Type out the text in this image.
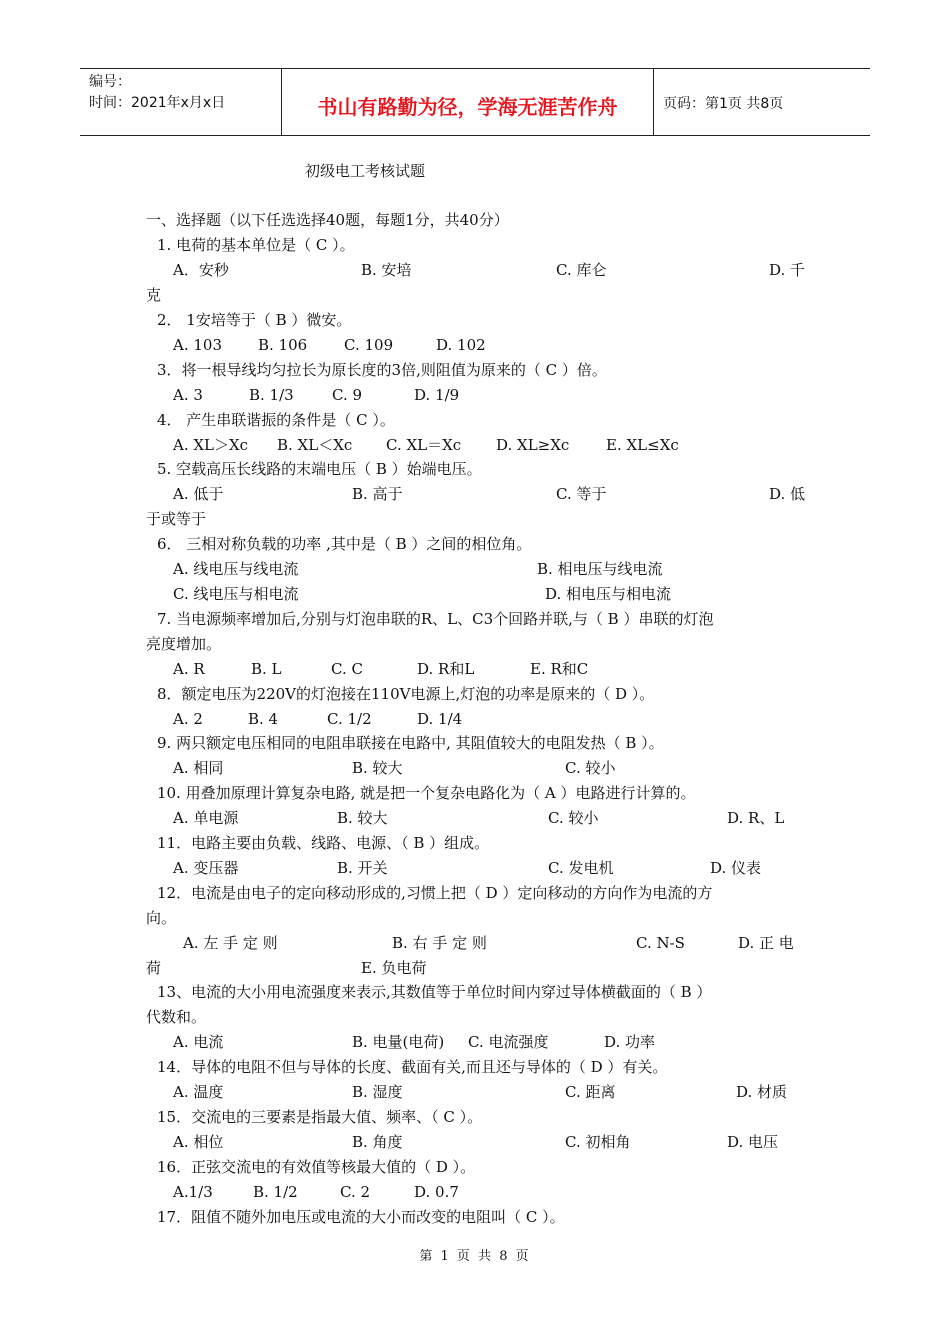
编号：
时间：2021年x月x日	书山有路勤为径，学海无涯苦作舟	页码：第1页 共8页
初级电工考核试题
一、选择题（以下任选选择40题，每题1分，共40分）
1. 电荷的基本单位是（ C ）。
A．安秒	B. 安培	C. 库仑	D. 千
克
2． 1安培等于（ B ）微安。
A. 103 B. 106 C. 109	D. 102
3．将一根导线均匀拉长为原长度的3倍,则阻值为原来的（ C ）倍。
A. 3	B. 1/3	C. 9	D. 1/9
4． 产生串联谐振的条件是（ C ）。
A. XL＞Xc B. XL＜Xc C. XL＝Xc D. XL≥Xc E. XL≤Xc
5. 空载高压长线路的末端电压（ B ）始端电压。
A. 低于	B. 高于	C. 等于	D. 低
于或等于
6． 三相对称负载的功率 ,其中是（ B ）之间的相位角。
A. 线电压与线电流	B. 相电压与线电流
C. 线电压与相电流	D. 相电压与相电流
7. 当电源频率增加后,分别与灯泡串联的R、L、C3个回路并联,与（ B ）串联的灯泡
亮度增加。
A. R	B. L	C. C	D. R和L	E. R和C
8．额定电压为220V的灯泡接在110V电源上,灯泡的功率是原来的（ D ）。
A. 2	B. 4	C. 1/2	D. 1/4
9. 两只额定电压相同的电阻串联接在电路中, 其阻值较大的电阻发热（ B ）。
A. 相同	B. 较大	C. 较小
10. 用叠加原理计算复杂电路, 就是把一个复杂电路化为（ A ）电路进行计算的。
A. 单电源	B. 较大	C. 较小	D. R、L
11．电路主要由负载、线路、电源、（ B ）组成。
A. 变压器	B. 开关	C. 发电机	D. 仪表
12．电流是由电子的定向移动形成的,习惯上把（ D ）定向移动的方向作为电流的方
向。
A. 左 手 定 则	B. 右 手 定 则	C. N-S	D. 正 电
荷	E. 负电荷
13、电流的大小用电流强度来表示,其数值等于单位时间内穿过导体横截面的（ B ）
代数和。
A. 电流	B. 电量(电荷) C. 电流强度	D. 功率
14．导体的电阻不但与导体的长度、截面有关,而且还与导体的（ D ）有关。
A. 温度	B. 湿度	C. 距离	D. 材质
15．交流电的三要素是指最大值、频率、（ C ）。
A. 相位	B. 角度	C. 初相角	D. 电压
16．正弦交流电的有效值等核最大值的（ D ）。
A.1/3	B. 1/2	C. 2	D. 0.7
17．阻值不随外加电压或电流的大小而改变的电阻叫（ C ）。
第 1 页 共 8 页
